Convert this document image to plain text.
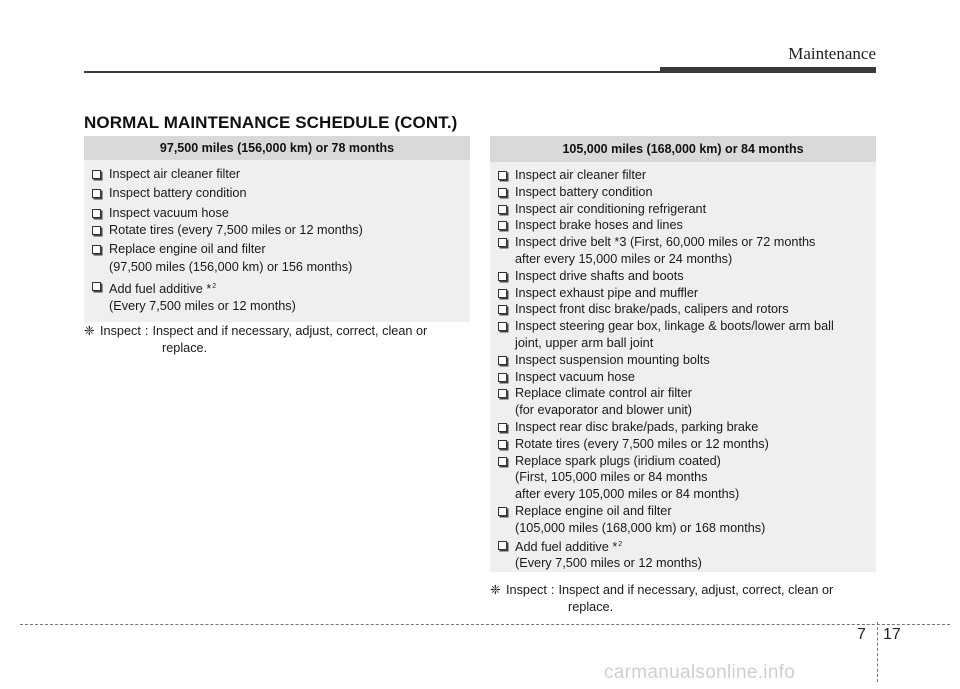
Maintenance
NORMAL MAINTENANCE SCHEDULE (CONT.)
97,500 miles (156,000 km) or 78 months
Inspect air cleaner filter
Inspect battery condition
Inspect vacuum hose
Rotate tires (every 7,500 miles or 12 months)
Replace engine oil and filter
(97,500 miles (156,000 km) or 156 months)
Add fuel additive *$^2$
(Every 7,500 miles or 12 months)
❈ Inspect : Inspect and if necessary, adjust, correct, clean or
replace.
105,000 miles (168,000 km) or 84 months
Inspect air cleaner filter
Inspect battery condition
Inspect air conditioning refrigerant
Inspect brake hoses and lines
Inspect drive belt *3 (First, 60,000 miles or 72 months
after every 15,000 miles or 24 months)
Inspect drive shafts and boots
Inspect exhaust pipe and muffler
Inspect front disc brake/pads, calipers and rotors
Inspect steering gear box, linkage & boots/lower arm ball
joint, upper arm ball joint
Inspect suspension mounting bolts
Inspect vacuum hose
Replace climate control air filter
(for evaporator and blower unit)
Inspect rear disc brake/pads, parking brake
Rotate tires (every 7,500 miles or 12 months)
Replace spark plugs (iridium coated)
(First, 105,000 miles or 84 months
after every 105,000 miles or 84 months)
Replace engine oil and filter
(105,000 miles (168,000 km) or 168 months)
Add fuel additive *$^2$
(Every 7,500 miles or 12 months)
❈ Inspect : Inspect and if necessary, adjust, correct, clean or
replace.
7 17
carmanualsonline.info
